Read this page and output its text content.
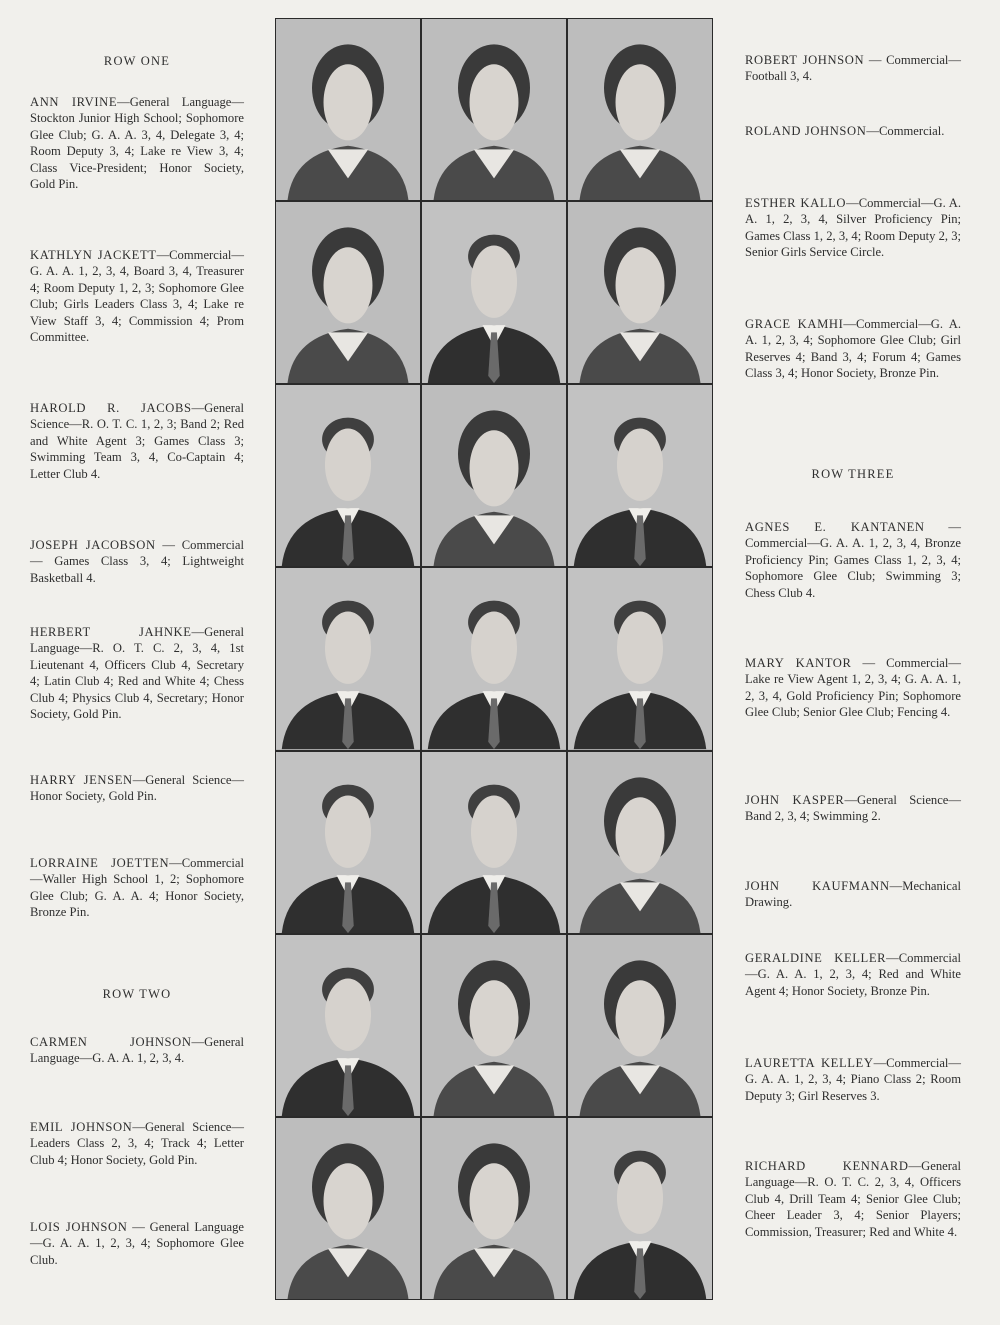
ROW ONE
ANN IRVINE—General Language—Stockton Junior High School; Sophomore Glee Club; G. A. A. 3, 4, Delegate 3, 4; Room Deputy 3, 4; Lake re View 3, 4; Class Vice-President; Honor Society, Gold Pin.
KATHLYN JACKETT—Commercial—G. A. A. 1, 2, 3, 4, Board 3, 4, Treasurer 4; Room Deputy 1, 2, 3; Sophomore Glee Club; Girls Leaders Class 3, 4; Lake re View Staff 3, 4; Commission 4; Prom Committee.
HAROLD R. JACOBS—General Science—R. O. T. C. 1, 2, 3; Band 2; Red and White Agent 3; Games Class 3; Swimming Team 3, 4, Co-Captain 4; Letter Club 4.
JOSEPH JACOBSON — Commercial — Games Class 3, 4; Lightweight Basketball 4.
HERBERT JAHNKE—General Language—R. O. T. C. 2, 3, 4, 1st Lieutenant 4, Officers Club 4, Secretary 4; Latin Club 4; Red and White 4; Chess Club 4; Physics Club 4, Secretary; Honor Society, Gold Pin.
HARRY JENSEN—General Science—Honor Society, Gold Pin.
LORRAINE JOETTEN—Commercial—Waller High School 1, 2; Sophomore Glee Club; G. A. A. 4; Honor Society, Bronze Pin.
ROW TWO
CARMEN JOHNSON—General Language—G. A. A. 1, 2, 3, 4.
EMIL JOHNSON—General Science—Leaders Class 2, 3, 4; Track 4; Letter Club 4; Honor Society, Gold Pin.
LOIS JOHNSON — General Language—G. A. A. 1, 2, 3, 4; Sophomore Glee Club.
ROBERT JOHNSON — Commercial—Football 3, 4.
ROLAND JOHNSON—Commercial.
ESTHER KALLO—Commercial—G. A. A. 1, 2, 3, 4, Silver Proficiency Pin; Games Class 1, 2, 3, 4; Room Deputy 2, 3; Senior Girls Service Circle.
GRACE KAMHI—Commercial—G. A. A. 1, 2, 3, 4; Sophomore Glee Club; Girl Reserves 4; Band 3, 4; Forum 4; Games Class 3, 4; Honor Society, Bronze Pin.
ROW THREE
AGNES E. KANTANEN — Commercial—G. A. A. 1, 2, 3, 4, Bronze Proficiency Pin; Games Class 1, 2, 3, 4; Sophomore Glee Club; Swimming 3; Chess Club 4.
MARY KANTOR — Commercial—Lake re View Agent 1, 2, 3, 4; G. A. A. 1, 2, 3, 4, Gold Proficiency Pin; Sophomore Glee Club; Senior Glee Club; Fencing 4.
JOHN KASPER—General Science—Band 2, 3, 4; Swimming 2.
JOHN KAUFMANN—Mechanical Drawing.
GERALDINE KELLER—Commercial—G. A. A. 1, 2, 3, 4; Red and White Agent 4; Honor Society, Bronze Pin.
LAURETTA KELLEY—Commercial—G. A. A. 1, 2, 3, 4; Piano Class 2; Room Deputy 3; Girl Reserves 3.
RICHARD KENNARD—General Language—R. O. T. C. 2, 3, 4, Officers Club 4, Drill Team 4; Senior Glee Club; Cheer Leader 3, 4; Senior Players; Commission, Treasurer; Red and White 4.
